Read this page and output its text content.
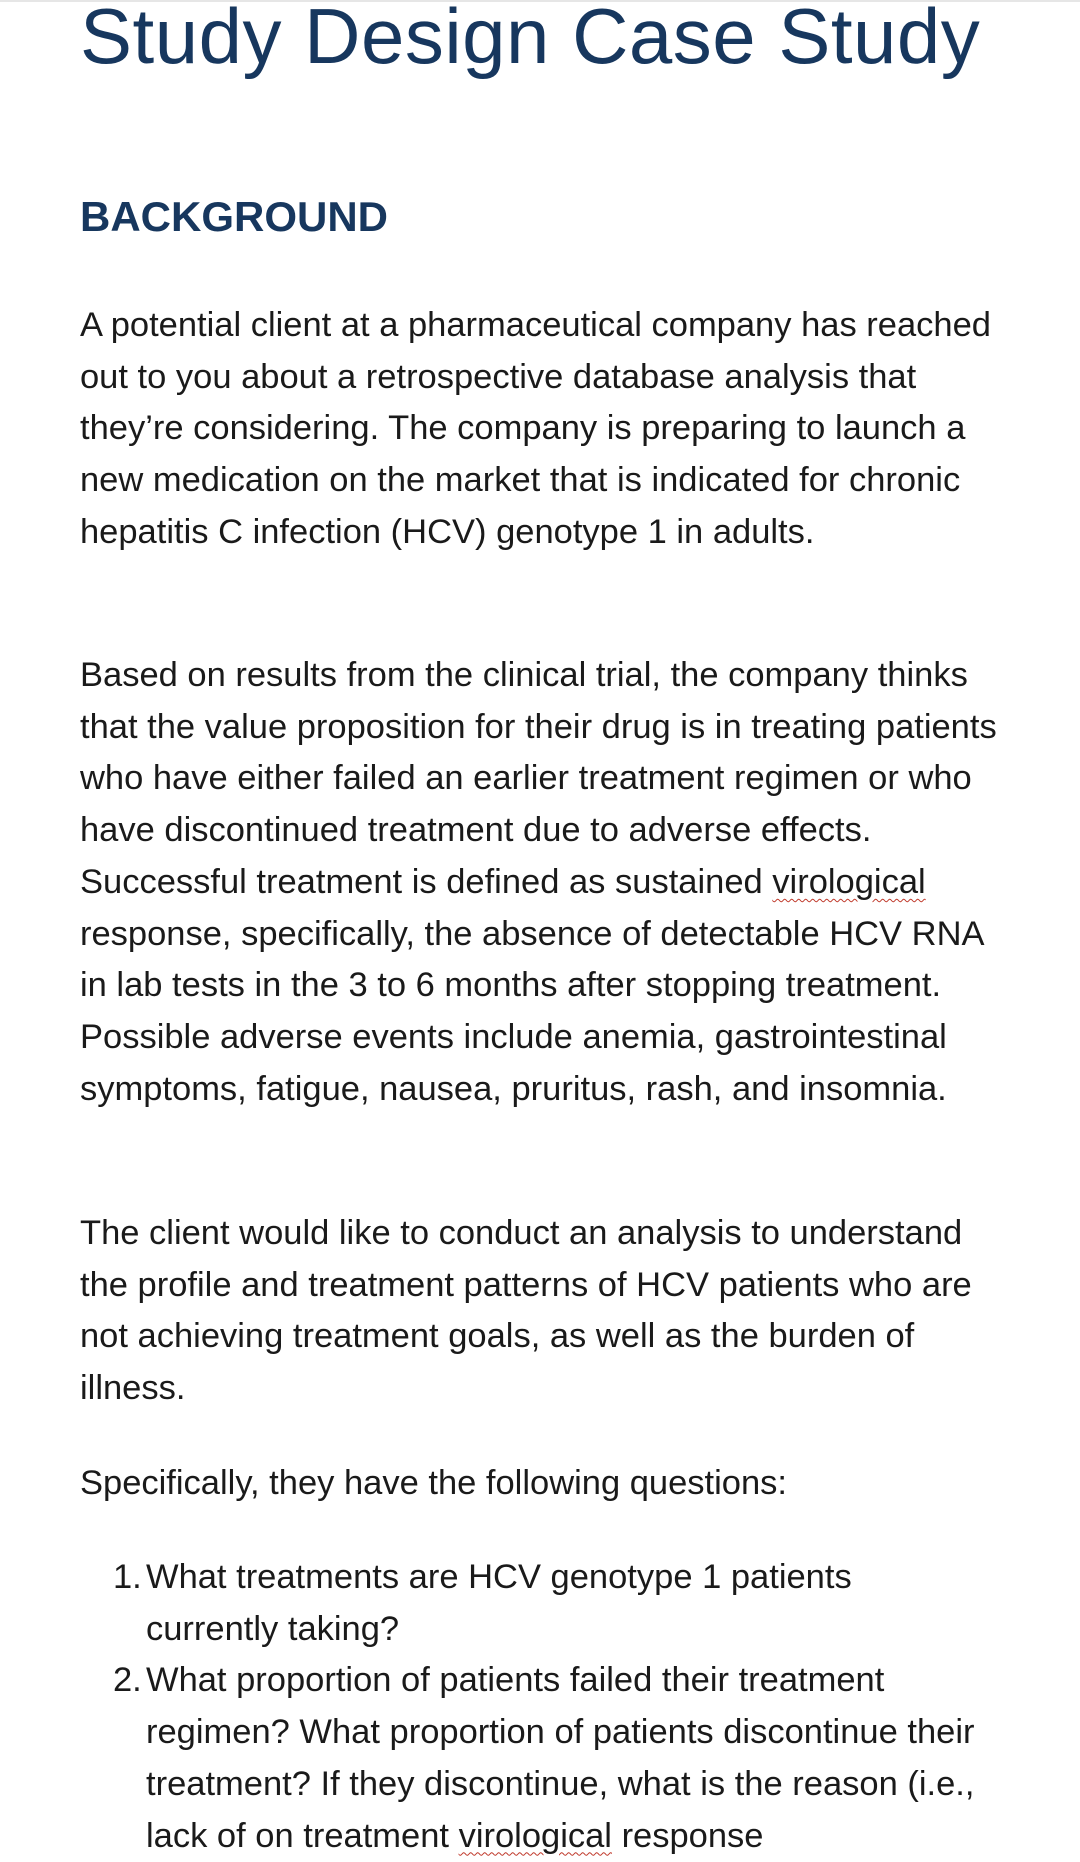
Study Design Case Study
BACKGROUND

A potential client at a pharmaceutical company has reached out to you about a retrospective database analysis that they’re considering. The company is preparing to launch a new medication on the market that is indicated for chronic hepatitis C infection (HCV) genotype 1 in adults.

Based on results from the clinical trial, the company thinks that the value proposition for their drug is in treating patients who have either failed an earlier treatment regimen or who have discontinued treatment due to adverse effects. Successful treatment is defined as sustained virological response, specifically, the absence of detectable HCV RNA in lab tests in the 3 to 6 months after stopping treatment. Possible adverse events include anemia, gastrointestinal symptoms, fatigue, nausea, pruritus, rash, and insomnia.

The client would like to conduct an analysis to understand the profile and treatment patterns of HCV patients who are not achieving treatment goals, as well as the burden of illness.

Specifically, they have the following questions:

1. What treatments are HCV genotype 1 patients currently taking?
2. What proportion of patients failed their treatment regimen? What proportion of patients discontinue their treatment? If they discontinue, what is the reason (i.e., lack of on treatment virological response
